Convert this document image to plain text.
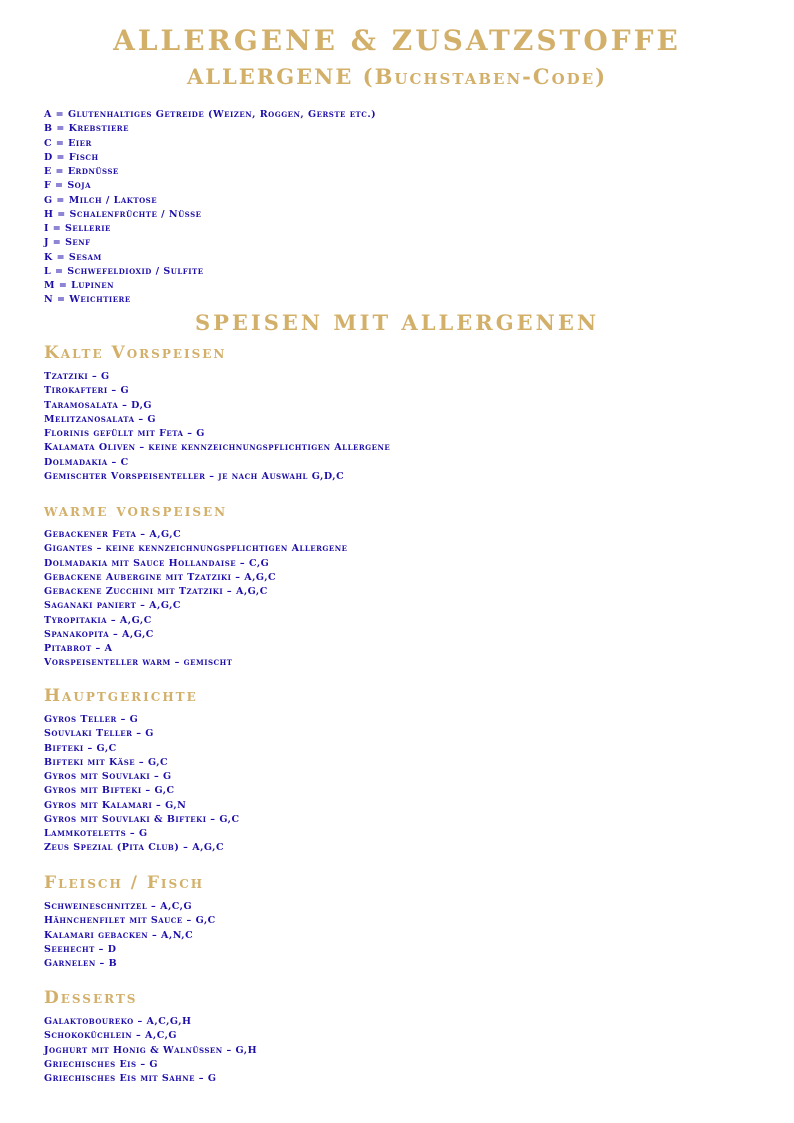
ALLERGENE & ZUSATZSTOFFE
ALLERGENE (Buchstaben-Code)
A = Glutenhaltiges Getreide (Weizen, Roggen, Gerste etc.)
B = Krebstiere
C = Eier
D = Fisch
E = Erdnüsse
F = Soja
G = Milch / Laktose
H = Schalenfrüchte / Nüsse
I = Sellerie
J = Senf
K = Sesam
L = Schwefeldioxid / Sulfite
M = Lupinen
N = Weichtiere
SPEISEN MIT ALLERGENEN
Kalte Vorspeisen
Tzatziki – G
Tirokafteri – G
Taramosalata – D,G
Melitzanosalata – G
Florinis gefüllt mit Feta – G
Kalamata Oliven – keine kennzeichnungspflichtigen Allergene
Dolmadakia – C
Gemischter Vorspeisenteller – je nach Auswahl G,D,C
warme vorspeisen
Gebackener Feta – A,G,C
Gigantes – keine kennzeichnungspflichtigen Allergene
Dolmadakia mit Sauce Hollandaise – C,G
Gebackene Aubergine mit Tzatziki – A,G,C
Gebackene Zucchini mit Tzatziki – A,G,C
Saganaki paniert – A,G,C
Tyropitakia – A,G,C
Spanakopita – A,G,C
Pitabrot – A
Vorspeisenteller warm – gemischt
Hauptgerichte
Gyros Teller – G
Souvlaki Teller – G
Bifteki – G,C
Bifteki mit Käse – G,C
Gyros mit Souvlaki – G
Gyros mit Bifteki – G,C
Gyros mit Kalamari – G,N
Gyros mit Souvlaki & Bifteki – G,C
Lammkoteletts – G
Zeus Spezial (Pita Club) – A,G,C
Fleisch / Fisch
Schweineschnitzel – A,C,G
Hähnchenfilet mit Sauce – G,C
Kalamari gebacken – A,N,C
Seehecht – D
Garnelen – B
Desserts
Galaktoboureko – A,C,G,H
Schokoküchlein – A,C,G
Joghurt mit Honig & Walnüssen – G,H
Griechisches Eis – G
Griechisches Eis mit Sahne – G
